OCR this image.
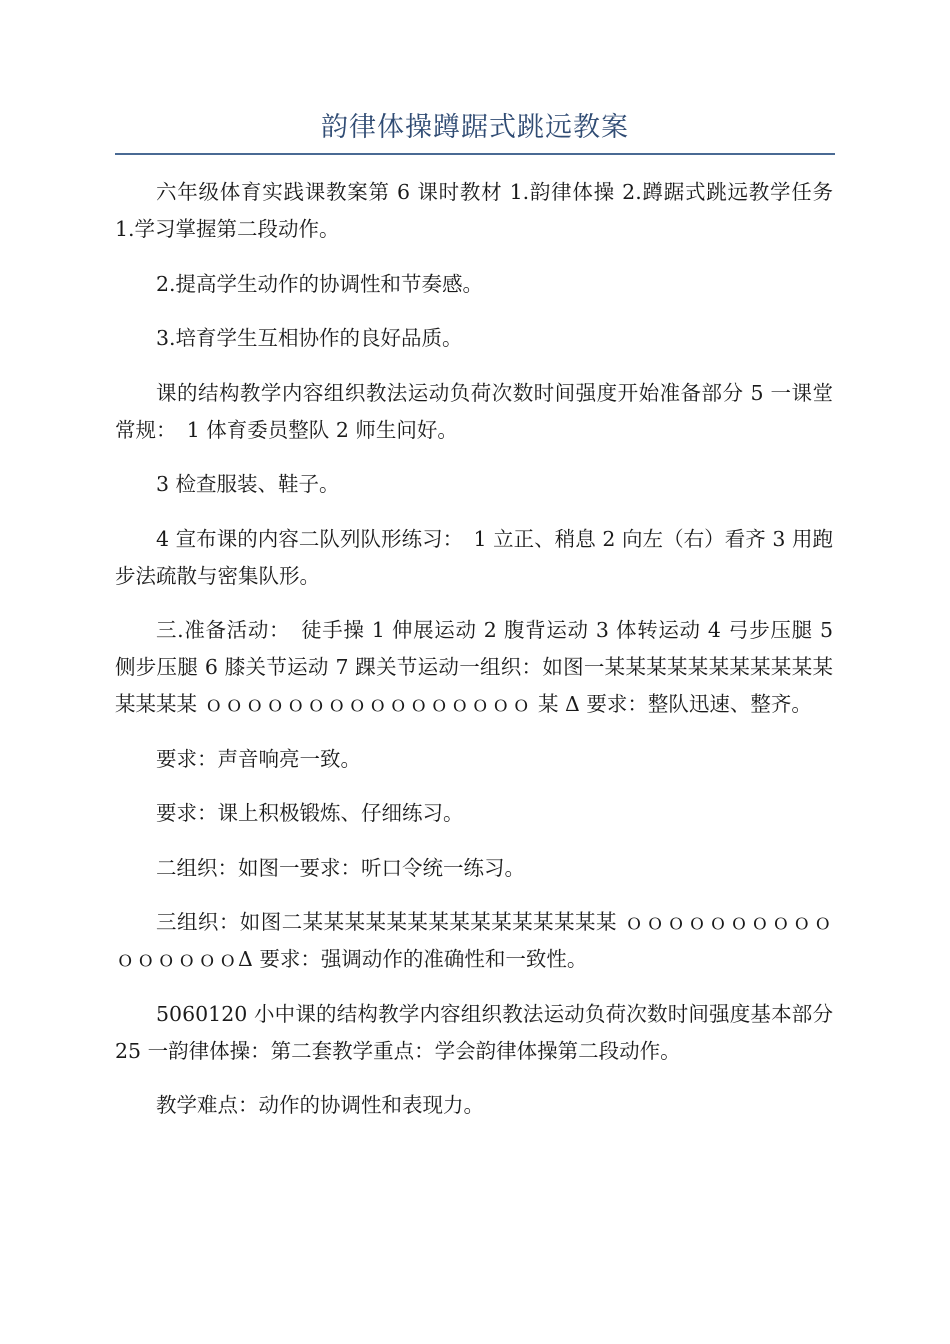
韵律体操蹲踞式跳远教案

六年级体育实践课教案第 6 课时教材 1.韵律体操 2.蹲踞式跳远教学任务 1.学习掌握第二段动作。

2.提高学生动作的协调性和节奏感。

3.培育学生互相协作的良好品质。

课的结构教学内容组织教法运动负荷次数时间强度开始准备部分 5 一课堂常规：　1 体育委员整队 2 师生问好。

3 检查服装、鞋子。

4 宣布课的内容二队列队形练习：　1 立正、稍息 2 向左（右）看齐 3 用跑步法疏散与密集队形。

三.准备活动：　徒手操 1 伸展运动 2 腹背运动 3 体转运动 4 弓步压腿 5 侧步压腿 6 膝关节运动 7 踝关节运动一组织：如图一某某某某某某某某某某某某某某某 ｏｏｏｏｏｏｏｏｏｏｏｏｏｏｏｏ 某 Δ 要求：整队迅速、整齐。

要求：声音响亮一致。

要求：课上积极锻炼、仔细练习。

二组织：如图一要求：听口令统一练习。

三组织：如图二某某某某某某某某某某某某某某某 ｏｏｏｏｏｏｏｏｏｏｏｏｏｏｏｏΔ 要求：强调动作的准确性和一致性。

5060120 小中课的结构教学内容组织教法运动负荷次数时间强度基本部分 25 一韵律体操：第二套教学重点：学会韵律体操第二段动作。

教学难点：动作的协调性和表现力。
